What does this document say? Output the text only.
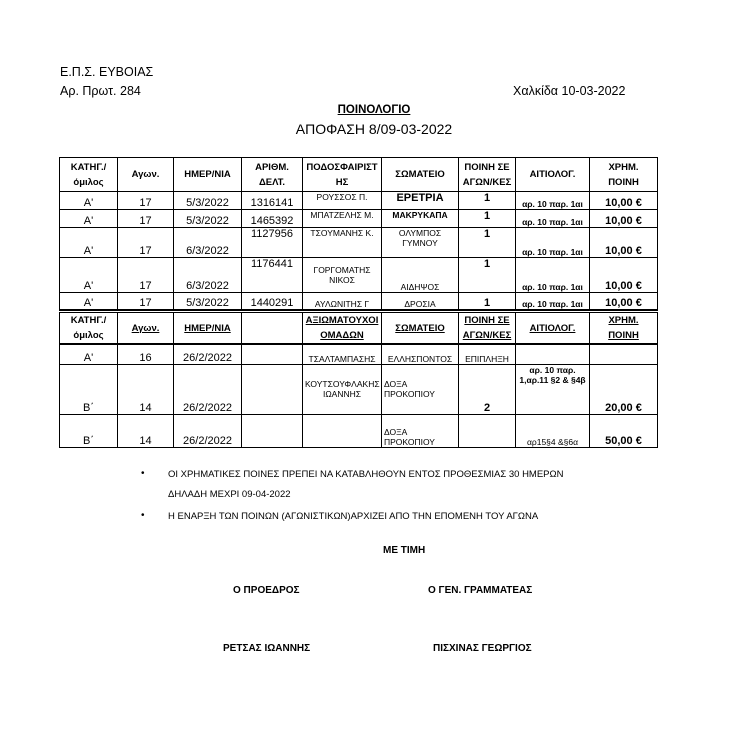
Ε.Π.Σ. ΕΥΒΟΙΑΣ
Αρ. Πρωτ. 284	Χαλκίδα 10-03-2022
ΠΟΙΝΟΛΟΓΙΟ
ΑΠΟΦΑΣΗ 8/09-03-2022
ΚΑΤΗΓ./ όμιλος	Αγων.	ΗΜΕΡ/ΝΙΑ	ΑΡΙΘΜ. ΔΕΛΤ.	ΠΟΔΟΣΦΑΙΡΙΣΤ ΗΣ	ΣΩΜΑΤΕΙΟ	ΠΟΙΝΗ ΣΕ ΑΓΩΝ/ΚΕΣ	ΑΙΤΙΟΛΟΓ.	ΧΡΗΜ. ΠΟΙΝΗ
Α'	17	5/3/2022	1316141	ΡΟΥΣΣΟΣ Π.	ΕΡΕΤΡΙΑ	1	αρ. 10 παρ. 1αι	10,00 €
Α'	17	5/3/2022	1465392	ΜΠΑΤΖΕΛΗΣ Μ.	ΜΑΚΡΥΚΑΠΑ	1	αρ. 10 παρ. 1αι	10,00 €
Α'	17	6/3/2022	1127956	ΤΣΟΥΜΑΝΗΣ Κ.	ΟΛΥΜΠΟΣ ΓΥΜΝΟΥ	1	αρ. 10 παρ. 1αι	10,00 €
Α'	17	6/3/2022	1176441	ΓΟΡΓΟΜΑΤΗΣ ΝΙΚΟΣ	ΑΙΔΗΨΟΣ	1	αρ. 10 παρ. 1αι	10,00 €
Α'	17	5/3/2022	1440291	ΑΥΛΩΝΙΤΗΣ Γ	ΔΡΟΣΙΑ	1	αρ. 10 παρ. 1αι	10,00 €
ΚΑΤΗΓ./ όμιλος	Αγων.	ΗΜΕΡ/ΝΙΑ		ΑΞΙΩΜΑΤΟΥΧΟΙ ΟΜΑΔΩΝ	ΣΩΜΑΤΕΙΟ	ΠΟΙΝΗ ΣΕ ΑΓΩΝ/ΚΕΣ	ΑΙΤΙΟΛΟΓ.	ΧΡΗΜ. ΠΟΙΝΗ
Α'	16	26/2/2022		ΤΣΑΛΤΑΜΠΑΣΗΣ	ΕΛΛΗΣΠΟΝΤΟΣ	ΕΠΙΠΛΗΞΗ		
Β΄	14	26/2/2022		ΚΟΥΤΣΟΥΦΛΑΚΗΣ ΙΩΑΝΝΗΣ	ΔΟΞΑ ΠΡΟΚΟΠΙΟΥ	2	αρ. 10 παρ. 1,αρ.11 §2 & §4β	20,00 €
Β΄	14	26/2/2022			ΔΟΞΑ ΠΡΟΚΟΠΙΟΥ		αρ15§4 &§6α	50,00 €
• ΟΙ ΧΡΗΜΑΤΙΚΕΣ ΠΟΙΝΕΣ ΠΡΕΠΕΙ ΝΑ ΚΑΤΑΒΛΗΘΟΥΝ ΕΝΤΟΣ ΠΡΟΘΕΣΜΙΑΣ 30 ΗΜΕΡΩΝ
ΔΗΛΑΔΗ ΜΕΧΡΙ 09-04-2022
• Η ΕΝΑΡΞΗ ΤΩΝ ΠΟΙΝΩΝ (ΑΓΩΝΙΣΤΙΚΩΝ)ΑΡΧΙΖΕΙ ΑΠΟ ΤΗΝ ΕΠΟΜΕΝΗ ΤΟΥ ΑΓΩΝΑ
ΜΕ ΤΙΜΗ
Ο ΠΡΟΕΔΡΟΣ	Ο ΓΕΝ. ΓΡΑΜΜΑΤΕΑΣ
ΡΕΤΣΑΣ ΙΩΑΝΝΗΣ	ΠΙΣΧΙΝΑΣ ΓΕΩΡΓΙΟΣ
